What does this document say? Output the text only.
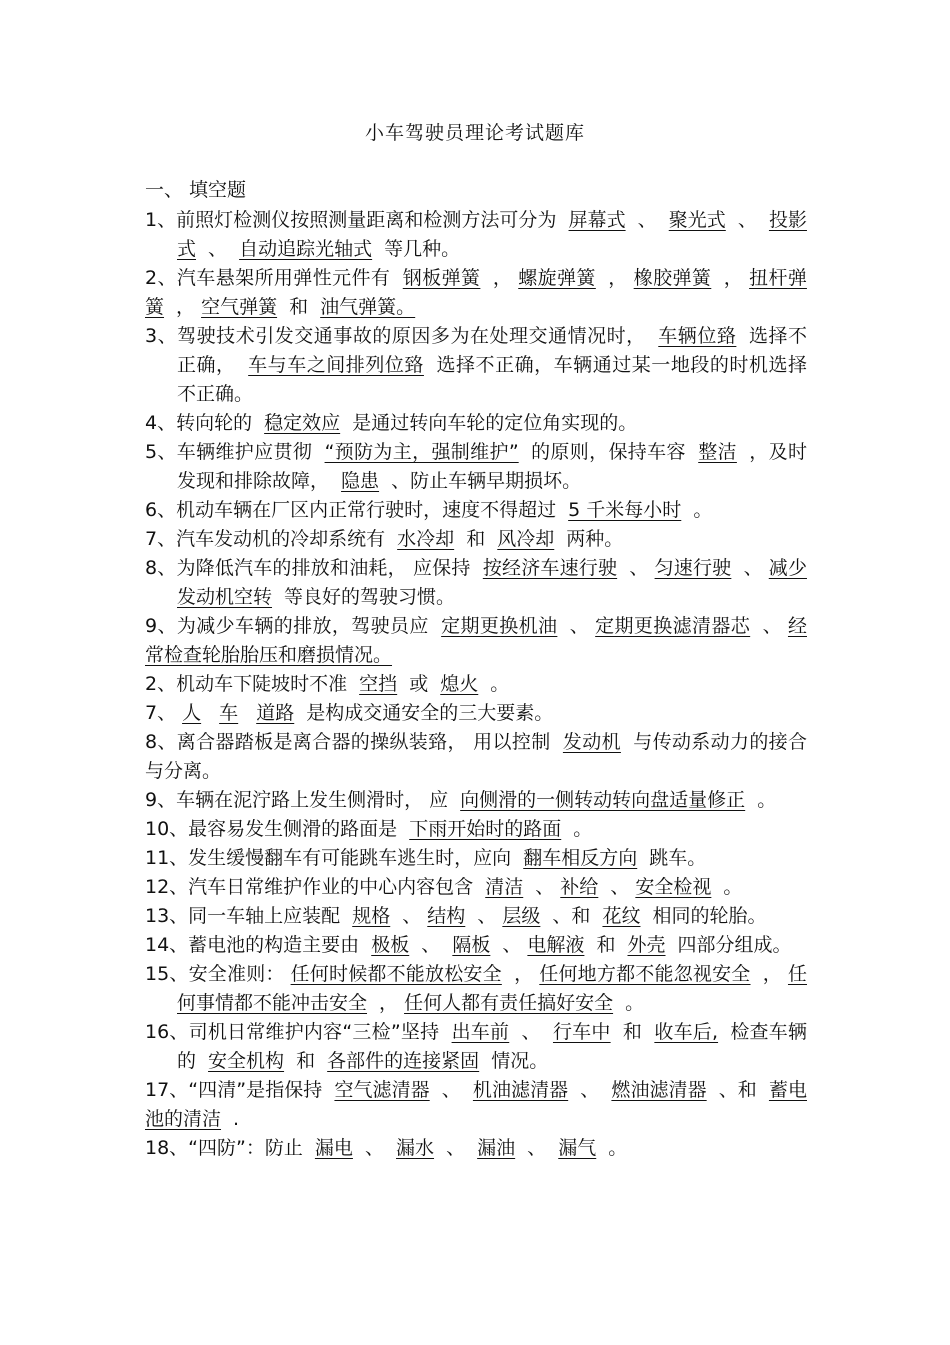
小车驾驶员理论考试题库
一、 填空题
1、前照灯检测仪按照测量距离和检测方法可分为 屏幕式 、 聚光式 、 投影式 、 自动追踪光轴式 等几种。
2、汽车悬架所用弹性元件有 钢板弹簧 ， 螺旋弹簧 ， 橡胶弹簧 ， 扭杆弹簧 ， 空气弹簧 和 油气弹簧。
3、驾驶技术引发交通事故的原因多为在处理交通情况时， 车辆位臵 选择不正确， 车与车之间排列位臵 选择不正确，车辆通过某一地段的时机选择不正确。
4、转向轮的 稳定效应 是通过转向车轮的定位角实现的。
5、车辆维护应贯彻 “预防为主，强制维护” 的原则，保持车容 整洁 ，及时发现和排除故障， 隐患 、防止车辆早期损坏。
6、机动车辆在厂区内正常行驶时，速度不得超过 5 千米每小时 。
7、汽车发动机的冷却系统有 水冷却 和 风冷却 两种。
8、为降低汽车的排放和油耗， 应保持 按经济车速行驶 、 匀速行驶 、 减少发动机空转 等良好的驾驶习惯。
9、为减少车辆的排放，驾驶员应 定期更换机油 、 定期更换滤清器芯 、 经常检查轮胎胎压和磨损情况。
2、机动车下陡坡时不准 空挡 或 熄火 。
7、 人 车 道路 是构成交通安全的三大要素。
8、离合器踏板是离合器的操纵装臵， 用以控制 发动机 与传动系动力的接合与分离。
9、车辆在泥泞路上发生侧滑时， 应 向侧滑的一侧转动转向盘适量修正 。
10、最容易发生侧滑的路面是 下雨开始时的路面 。
11、发生缓慢翻车有可能跳车逃生时，应向 翻车相反方向 跳车。
12、汽车日常维护作业的中心内容包含 清洁 、 补给 、 安全检视 。
13、同一车轴上应装配 规格 、 结构 、 层级 、和 花纹 相同的轮胎。
14、蓄电池的构造主要由 极板 、 隔板 、 电解液 和 外壳 四部分组成。
15、安全准则： 任何时候都不能放松安全 ， 任何地方都不能忽视安全 ， 任何事情都不能冲击安全 ， 任何人都有责任搞好安全 。
16、司机日常维护内容“三检”坚持 出车前 、 行车中 和 收车后, 检查车辆的 安全机构 和 各部件的连接紧固 情况。
17、“四清”是指保持 空气滤清器 、 机油滤清器 、 燃油滤清器 、和 蓄电池的清洁 .
18、“四防”：防止 漏电 、 漏水 、 漏油 、 漏气 。
